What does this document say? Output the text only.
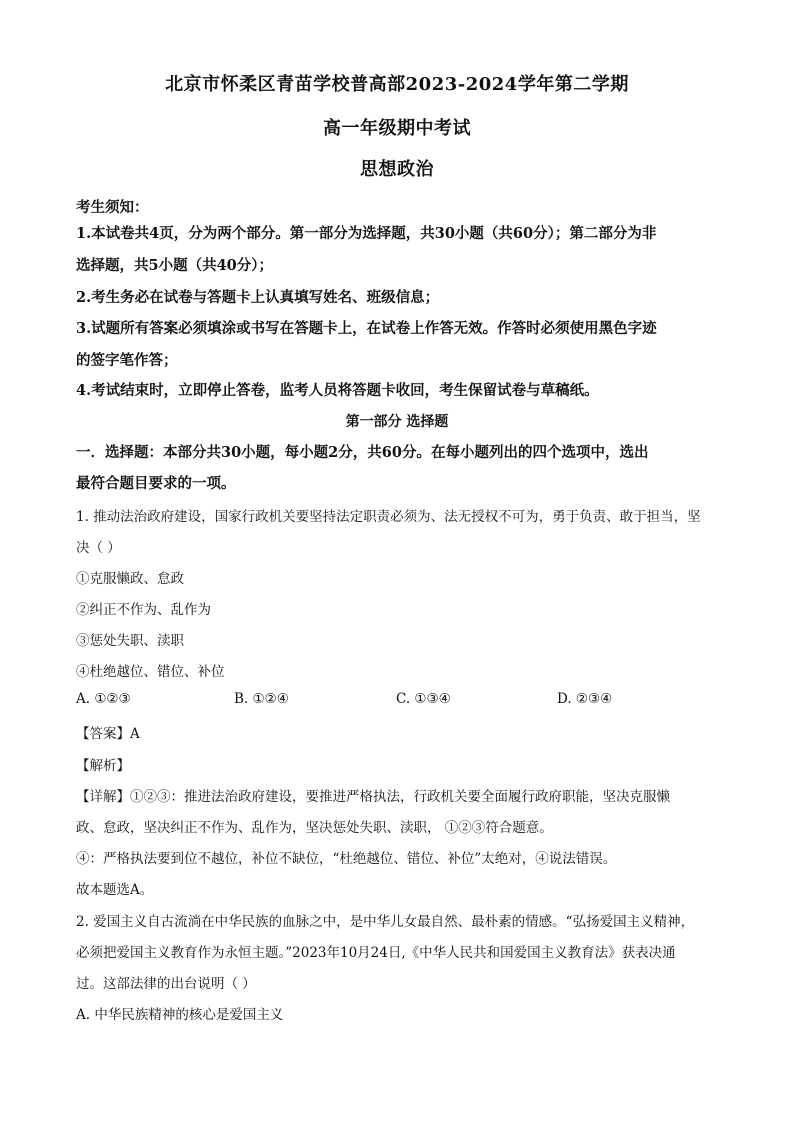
北京市怀柔区青苗学校普高部2023-2024学年第二学期
高一年级期中考试
思想政治
考生须知：
1.本试卷共4页，分为两个部分。第一部分为选择题，共30小题（共60分）；第二部分为非
选择题，共5小题（共40分）；
2.考生务必在试卷与答题卡上认真填写姓名、班级信息；
3.试题所有答案必须填涂或书写在答题卡上，在试卷上作答无效。作答时必须使用黑色字迹
的签字笔作答；
4.考试结束时，立即停止答卷，监考人员将答题卡收回，考生保留试卷与草稿纸。
第一部分 选择题
一．选择题：本部分共30小题，每小题2分，共60分。在每小题列出的四个选项中，选出
最符合题目要求的一项。
1. 推动法治政府建设，国家行政机关要坚持法定职责必须为、法无授权不可为，勇于负责、敢于担当，坚
决（ ）
①克服懒政、怠政
②纠正不作为、乱作为
③惩处失职、渎职
④杜绝越位、错位、补位
A. ①②③	B. ①②④	C. ①③④	D. ②③④
【答案】A
【解析】
【详解】①②③：推进法治政府建设，要推进严格执法，行政机关要全面履行政府职能，坚决克服懒
政、怠政，坚决纠正不作为、乱作为，坚决惩处失职、渎职， ①②③符合题意。
④：严格执法要到位不越位，补位不缺位，“杜绝越位、错位、补位”太绝对，④说法错误。
故本题选A。
2. 爱国主义自古流淌在中华民族的血脉之中，是中华儿女最自然、最朴素的情感。“弘扬爱国主义精神，
必须把爱国主义教育作为永恒主题。”2023年10月24日,《中华人民共和国爱国主义教育法》获表决通
过。这部法律的出台说明（ ）
A. 中华民族精神的核心是爱国主义
